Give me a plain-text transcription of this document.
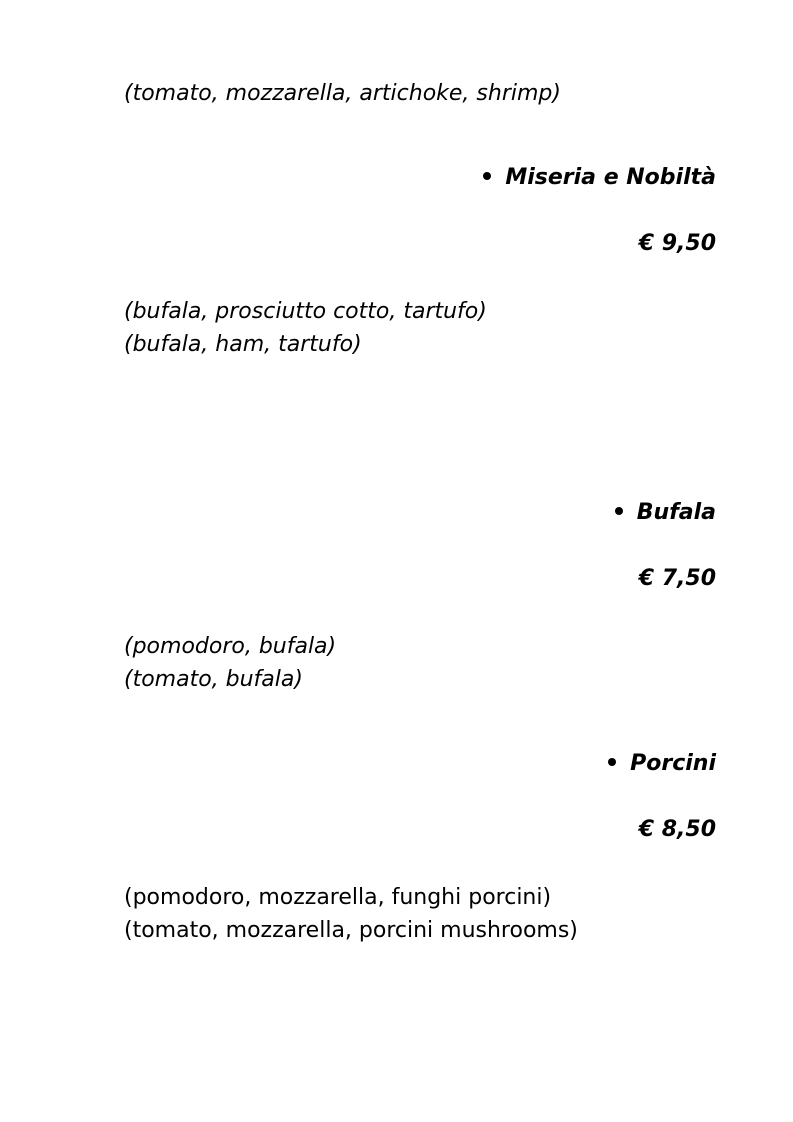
(tomato, mozzarella, artichoke, shrimp)
Miseria e Nobiltà
€ 9,50
(bufala, prosciutto cotto, tartufo)
(bufala, ham, tartufo)
Bufala
€ 7,50
(pomodoro, bufala)
(tomato, bufala)
Porcini
€ 8,50
(pomodoro, mozzarella, funghi porcini)
(tomato, mozzarella, porcini mushrooms)
